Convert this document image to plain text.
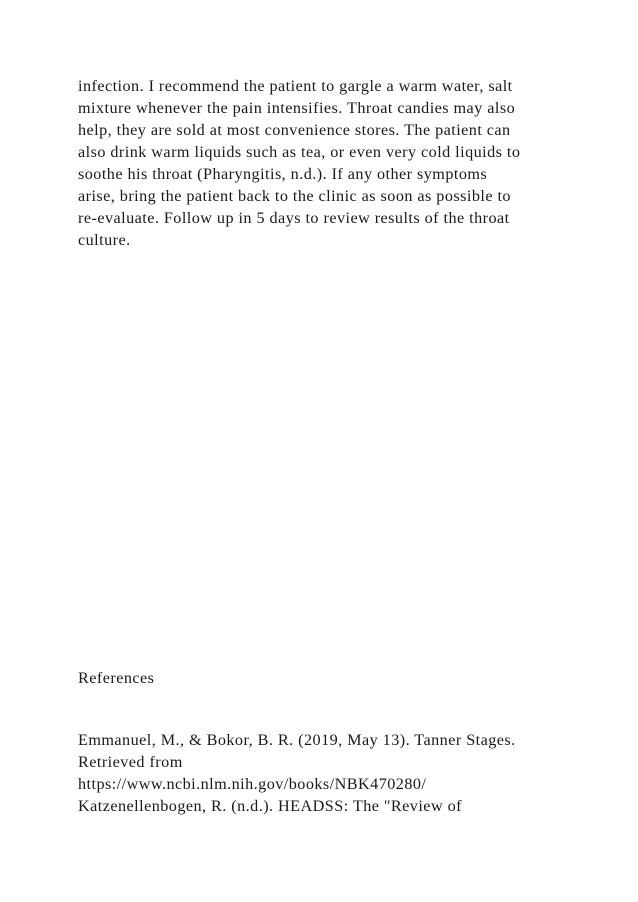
infection. I recommend the patient to gargle a warm water, salt
mixture whenever the pain intensifies. Throat candies may also
help, they are sold at most convenience stores. The patient can
also drink warm liquids such as tea, or even very cold liquids to
soothe his throat (Pharyngitis, n.d.). If any other symptoms
arise, bring the patient back to the clinic as soon as possible to
re-evaluate. Follow up in 5 days to review results of the throat
culture.
References
Emmanuel, M., & Bokor, B. R. (2019, May 13). Tanner Stages.
Retrieved from
https://www.ncbi.nlm.nih.gov/books/NBK470280/
Katzenellenbogen, R. (n.d.). HEADSS: The "Review of
